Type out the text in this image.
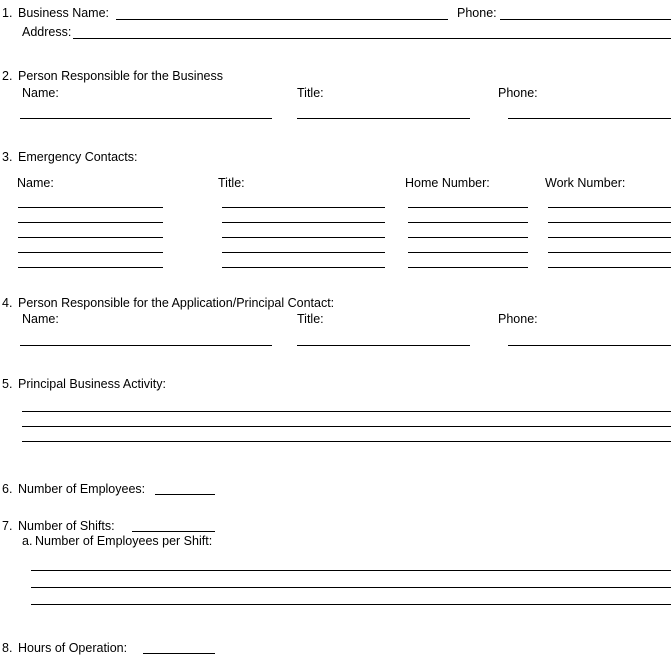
1. Business Name:	Phone:
Address:
2. Person Responsible for the Business
Name:	Title:	Phone:
3. Emergency Contacts:
Name:	Title:	Home Number:	Work Number:
4. Person Responsible for the Application/Principal Contact:
Name:	Title:	Phone:
5. Principal Business Activity:
6. Number of Employees:
7. Number of Shifts:
a. Number of Employees per Shift:
8. Hours of Operation:
